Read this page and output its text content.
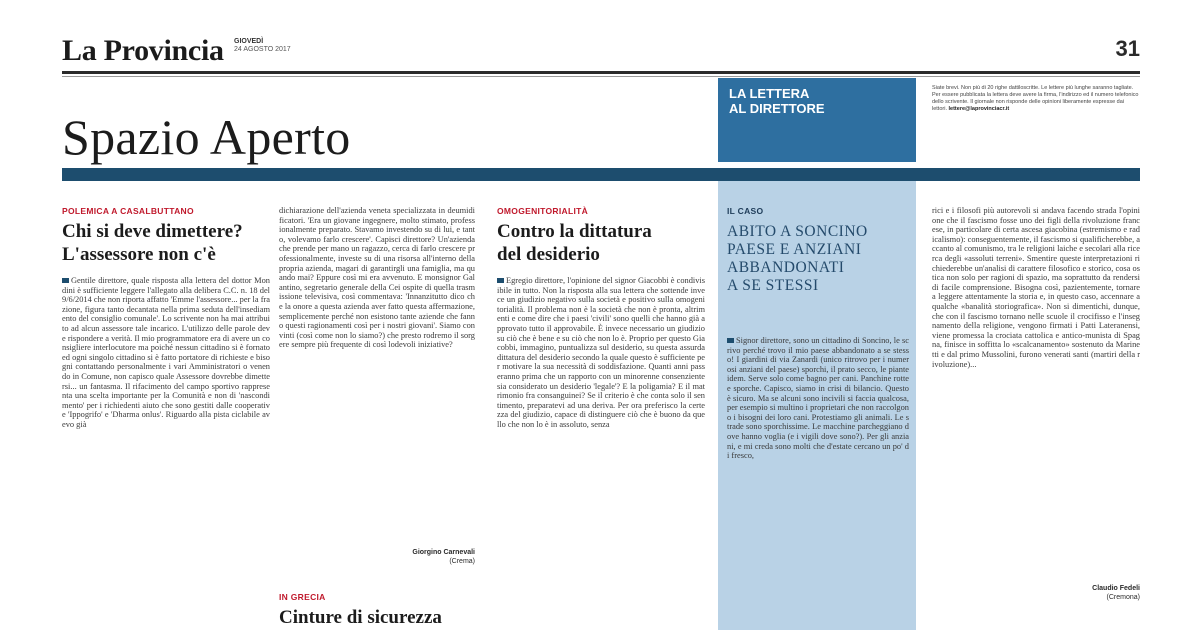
La Provincia GIOVEDÌ
24 AGOSTO 2017	31
Spazio Aperto
LA LETTERA
AL DIRETTORE
Siate brevi. Non più di 20 righe dattiloscritte. Le lettere più lunghe saranno tagliate. Per essere pubblicata la lettera deve avere la firma, l'indirizzo ed il numero telefonico dello scrivente. Il giornale non risponde delle opinioni liberamente espresse dai lettori. lettere@laprovinciacr.it
POLEMICA A CASALBUTTANO
Chi si deve dimettere?
L'assessore non c'è
Gentile direttore, quale risposta alla lettera del dottor Mondini è sufficiente leggere l'allegato alla delibera C.C. n. 18 del 9/6/2014 che non riporta affatto 'Emme l'assessore... per la frazione, figura tanto decantata nella prima seduta dell'insediamento del consiglio comunale'. Lo scrivente non ha mai attribuito ad alcun assessore tale incarico. L'utilizzo delle parole deve rispondere a verità. Il mio programmatore era di avere un consigliere interlocutore ma poiché nessun cittadino si è fornato ed ogni singolo cittadino si è fatto portatore di richieste e bisogni contattando personalmente i vari Amministratori o venendo in Comune, non capisco quale Assessore dovrebbe dimettersi... un fantasma. Il rifacimento del campo sportivo rappresenta una scelta importante per la Comunità e non di 'nascondimento' per i richiedenti aiuto che sono gestiti dalle cooperative 'Ippogrifo' e 'Dharma onlus'. Riguardo alla pista ciclabile avevo già
dichiarazione dell'azienda veneta specializzata in deumidificatori. 'Era un giovane ingegnere, molto stimato, professionalmente preparato. Stavamo investendo su di lui, e tanto, volevamo farlo crescere'. Capisci direttore? Un'azienda che prende per mano un ragazzo, cerca di farlo crescere professionalmente, investe su di una risorsa all'interno della propria azienda, magari di garantirgli una famiglia, ma quando mai? Eppure così mi era avvenuto. E monsignor Galantino, segretario generale della Cei ospite di quella trasmissione televisiva, così commentava: 'Innanzitutto dico che la onore a questa azienda aver fatto questa affermazione, semplicemente perché non esistono tante aziende che fanno questi ragionamenti così per i nostri giovani'. Siamo convinti (così come non lo siamo?) che presto rodremo il sorgere sempre più frequente di così lodevoli iniziative?
Giorgino Carnevali
(Crema)
IN GRECIA
Cinture di sicurezza
OMOGENITORIALITÀ
Contro la dittatura
del desiderio
Egregio direttore, l'opinione del signor Giacobbi è condivisibile in tutto. Non la risposta alla sua lettera che sottende invece un giudizio negativo sulla società e positivo sulla omogenitorialità. Il problema non è la società che non è pronta, altrimenti e come dire che i paesi 'civili' sono quelli che hanno già approvato tutto il approvabile. È invece necessario un giudizio su ciò che è bene e su ciò che non lo è. Proprio per questo Giacobbi, immagino, puntualizza sul desiderio, su questa assurda dittatura del desiderio secondo la quale questo è sufficiente per motivare la sua necessità di soddisfazione. Quanti anni passeranno prima che un rapporto con un minorenne consenziente sia considerato un desiderio 'legale'? E la poligamia? E il matrimonio fra consanguinei? Se il criterio è che conta solo il sentimento, preparatevi ad una deriva. Per ora preferisco la certezza del giudizio, capace di distinguere ciò che è buono da quello che non lo è in assoluto, senza
IL CASO
ABITO A SONCINO
PAESE E ANZIANI
ABBANDONATI
A SE STESSI
Signor direttore, sono un cittadino di Soncino, le scrivo perché trovo il mio paese abbandonato a se stesso! I giardini di via Zanardi (unico ritrovo per i numerosi anziani del paese) sporchi, il prato secco, le piante idem. Serve solo come bagno per cani. Panchine rotte e sporche. Capisco, siamo in crisi di bilancio. Questo è sicuro. Ma se alcuni sono incivili si faccia qualcosa, per esempio si multino i proprietari che non raccolgono i bisogni dei loro cani. Protestiamo gli animali. Le strade sono sporchissime. Le macchine parcheggiano dove hanno voglia (e i vigili dove sono?). Per gli anziani, e mi creda sono molti che d'estate cercano un po' di fresco,
rici e i filosofi più autorevoli si andava facendo strada l'opinione che il fascismo fosse uno dei figli della rivoluzione francese, in particolare di certa ascesa giacobina (estremismo e radicalismo): conseguentemente, il fascismo si qualificherebbe, accanto al comunismo, tra le religioni laiche e secolari alla ricerca degli «assoluti terreni». Smentire queste interpretazioni richiederebbe un'analisi di carattere filosofico e storico, cosa ostica non solo per ragioni di spazio, ma soprattutto da rendersi di facile comprensione. Bisogna così, pazientemente, tornare a leggere attentamente la storia e, in questo caso, accennare a qualche «banalità storiografica». Non si dimentichi, dunque, che con il fascismo tornano nelle scuole il crocifisso e l'insegnamento della religione, vengono firmati i Patti Lateranensi, viene promessa la crociata cattolica e antico-munista di Spagna, finisce in soffitta lo «scalcanamento» sostenuto da Marinetti e dal primo Mussolini, furono venerati santi (martiri della rivoluzione)...
Claudio Fedeli
(Cremona)
